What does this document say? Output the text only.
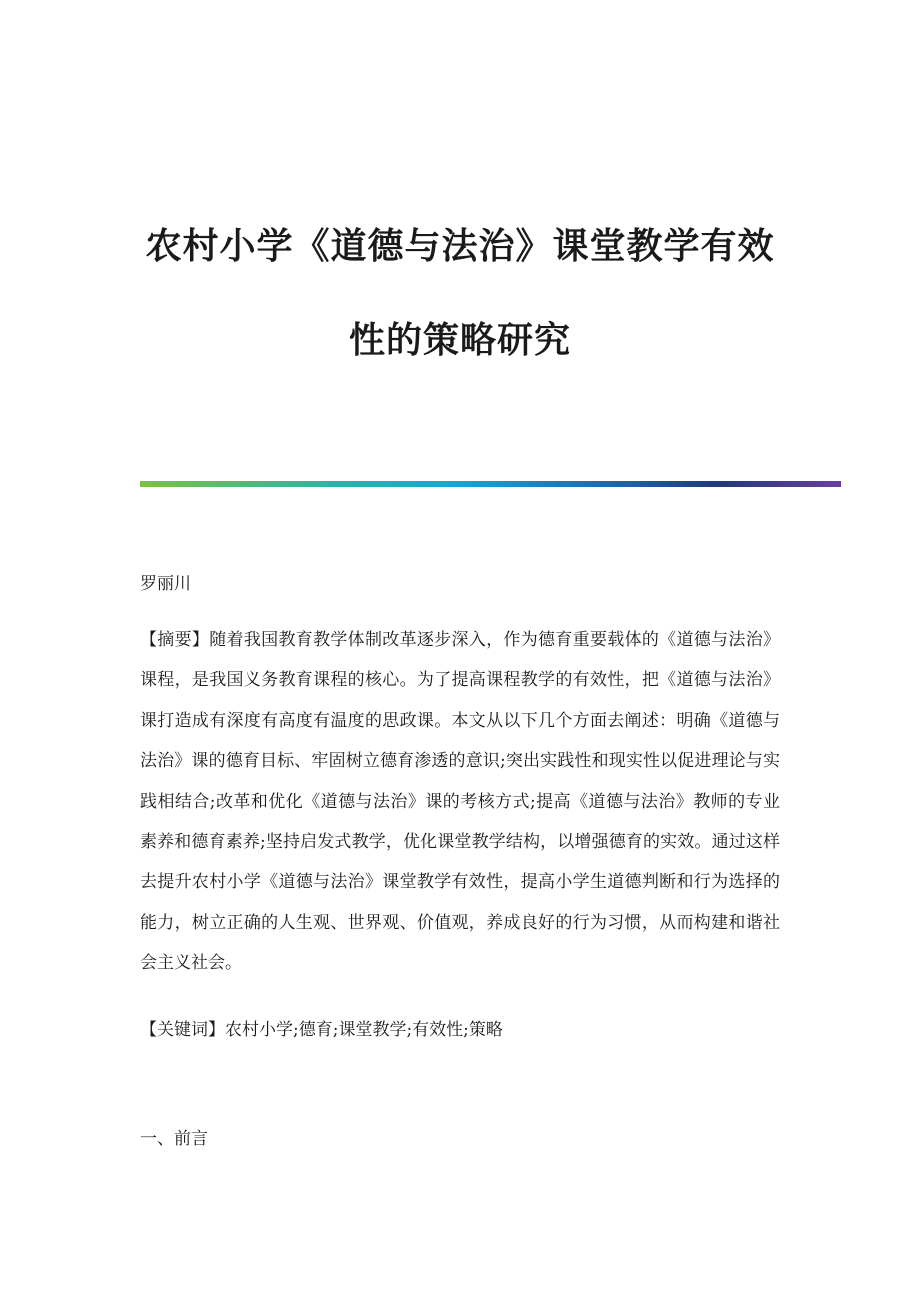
农村小学《道德与法治》课堂教学有效
性的策略研究

罗丽川

【摘要】随着我国教育教学体制改革逐步深入，作为德育重要载体的《道德与法治》课程，是我国义务教育课程的核心。为了提高课程教学的有效性，把《道德与法治》课打造成有深度有高度有温度的思政课。本文从以下几个方面去阐述：明确《道德与法治》课的德育目标、牢固树立德育渗透的意识;突出实践性和现实性以促进理论与实践相结合;改革和优化《道德与法治》课的考核方式;提高《道德与法治》教师的专业素养和德育素养;坚持启发式教学，优化课堂教学结构，以增强德育的实效。通过这样去提升农村小学《道德与法治》课堂教学有效性，提高小学生道德判断和行为选择的能力，树立正确的人生观、世界观、价值观，养成良好的行为习惯，从而构建和谐社会主义社会。

【关键词】农村小学;德育;课堂教学;有效性;策略

一、前言
